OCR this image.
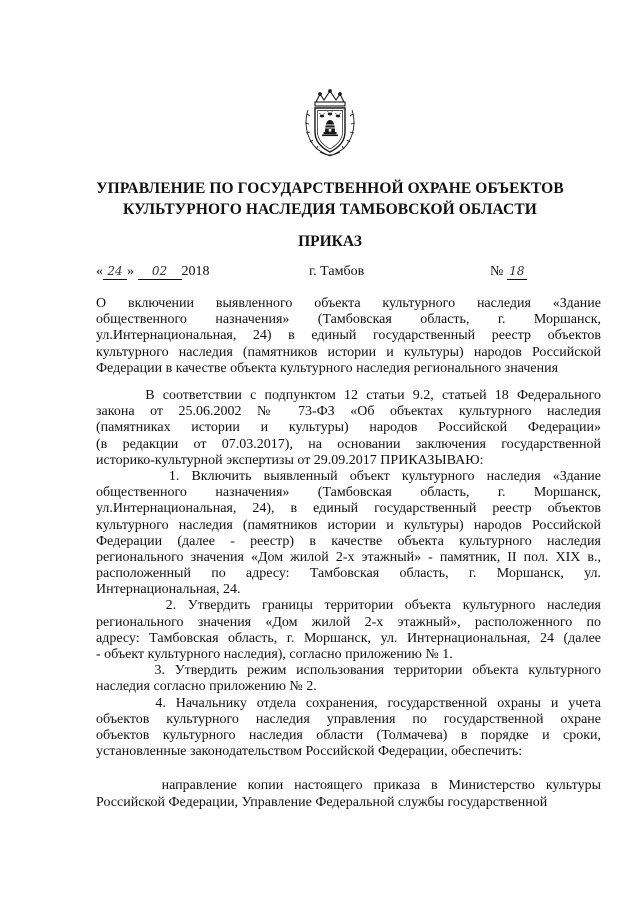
УПРАВЛЕНИЕ ПО ГОСУДАРСТВЕННОЙ ОХРАНЕ ОБЪЕКТОВ
КУЛЬТУРНОГО НАСЛЕДИЯ ТАМБОВСКОЙ ОБЛАСТИ
ПРИКАЗ
« 24 » 02 2018	г. Тамбов	№ 18
О включении выявленного объекта культурного наследия «Здание
общественного назначения» (Тамбовская область, г. Моршанск,
ул.Интернациональная, 24) в единый государственный реестр объектов
культурного наследия (памятников истории и культуры) народов Российской
Федерации в качестве объекта культурного наследия регионального значения
В соответствии с подпунктом 12 статьи 9.2, статьей 18 Федерального
закона от 25.06.2002 № 73-ФЗ «Об объектах культурного наследия
(памятниках истории и культуры) народов Российской Федерации»
(в редакции от 07.03.2017), на основании заключения государственной
историко-культурной экспертизы от 29.09.2017 ПРИКАЗЫВАЮ:
1. Включить выявленный объект культурного наследия «Здание
общественного назначения» (Тамбовская область, г. Моршанск,
ул.Интернациональная, 24), в единый государственный реестр объектов
культурного наследия (памятников истории и культуры) народов Российской
Федерации (далее - реестр) в качестве объекта культурного наследия
регионального значения «Дом жилой 2-х этажный» - памятник, II пол. XIX в.,
расположенный по адресу: Тамбовская область, г. Моршанск, ул.
Интернациональная, 24.
2. Утвердить границы территории объекта культурного наследия
регионального значения «Дом жилой 2-х этажный», расположенного по
адресу: Тамбовская область, г. Моршанск, ул. Интернациональная, 24 (далее
- объект культурного наследия), согласно приложению № 1.
3. Утвердить режим использования территории объекта культурного
наследия согласно приложению № 2.
4. Начальнику отдела сохранения, государственной охраны и учета
объектов культурного наследия управления по государственной охране
объектов культурного наследия области (Толмачева) в порядке и сроки,
установленные законодательством Российской Федерации, обеспечить:
направление копии настоящего приказа в Министерство культуры
Российской Федерации, Управление Федеральной службы государственной
